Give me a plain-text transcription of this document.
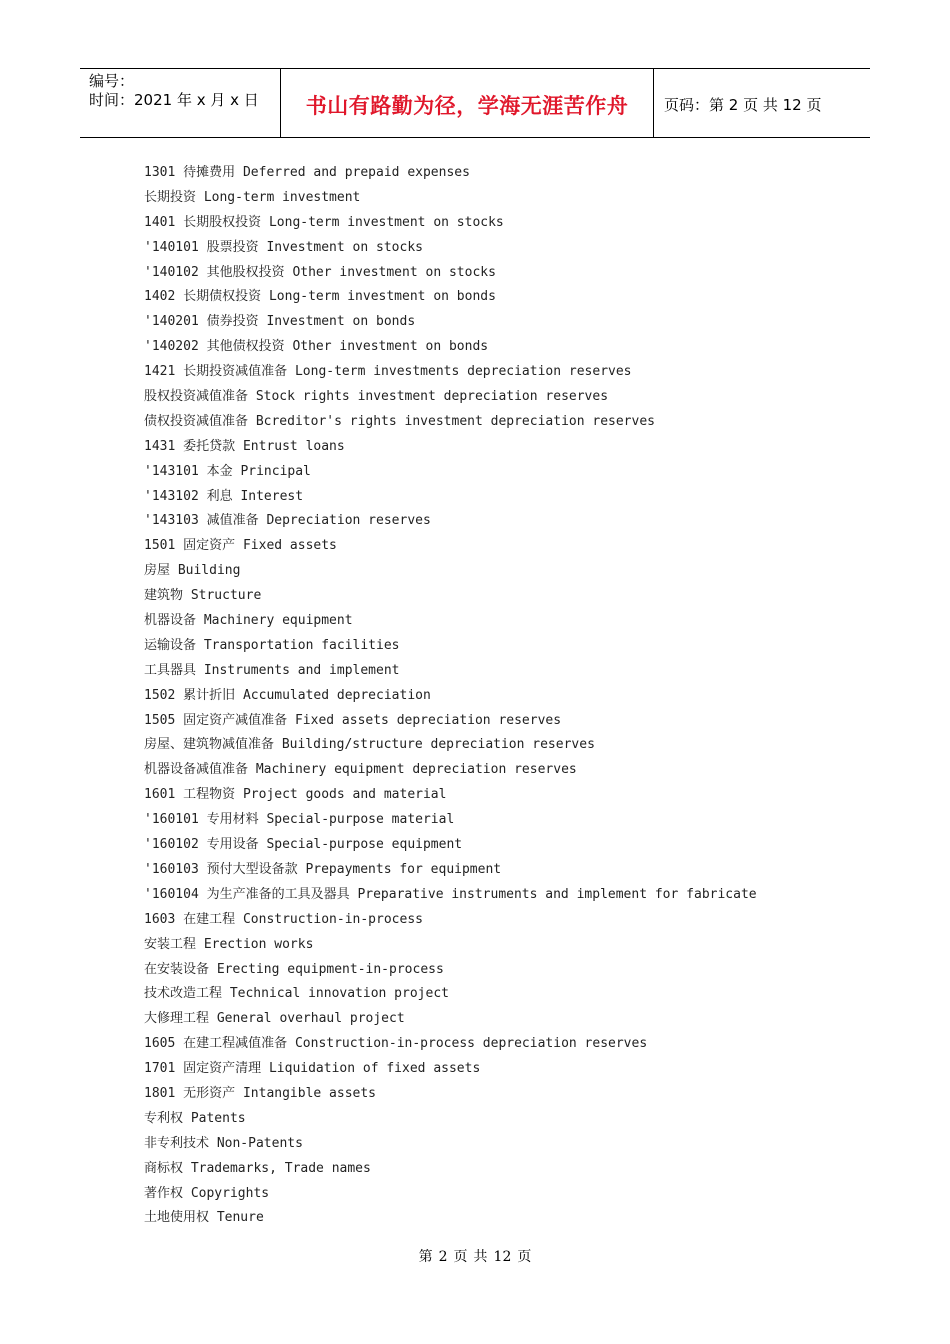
编号：
时间：2021 年 x 月 x 日	书山有路勤为径，学海无涯苦作舟 页码：第 2 页 共 12 页
1301 待摊费用 Deferred and prepaid expenses
长期投资 Long-term investment
1401 长期股权投资 Long-term investment on stocks
'140101 股票投资 Investment on stocks
'140102 其他股权投资 Other investment on stocks
1402 长期债权投资 Long-term investment on bonds
'140201 债券投资 Investment on bonds
'140202 其他债权投资 Other investment on bonds
1421 长期投资减值准备 Long-term investments depreciation reserves
股权投资减值准备 Stock rights investment depreciation reserves
债权投资减值准备 Bcreditor's rights investment depreciation reserves
1431 委托贷款 Entrust loans
'143101 本金 Principal
'143102 利息 Interest
'143103 减值准备 Depreciation reserves
1501 固定资产 Fixed assets
房屋 Building
建筑物 Structure
机器设备 Machinery equipment
运输设备 Transportation facilities
工具器具 Instruments and implement
1502 累计折旧 Accumulated depreciation
1505 固定资产减值准备 Fixed assets depreciation reserves
房屋、建筑物减值准备 Building/structure depreciation reserves
机器设备减值准备 Machinery equipment depreciation reserves
1601 工程物资 Project goods and material
'160101 专用材料 Special-purpose material
'160102 专用设备 Special-purpose equipment
'160103 预付大型设备款 Prepayments for equipment
'160104 为生产准备的工具及器具 Preparative instruments and implement for fabricate
1603 在建工程 Construction-in-process
安装工程 Erection works
在安装设备 Erecting equipment-in-process
技术改造工程 Technical innovation project
大修理工程 General overhaul project
1605 在建工程减值准备 Construction-in-process depreciation reserves
1701 固定资产清理 Liquidation of fixed assets
1801 无形资产 Intangible assets
专利权 Patents
非专利技术 Non-Patents
商标权 Trademarks, Trade names
著作权 Copyrights
土地使用权 Tenure
第 2 页 共 12 页
